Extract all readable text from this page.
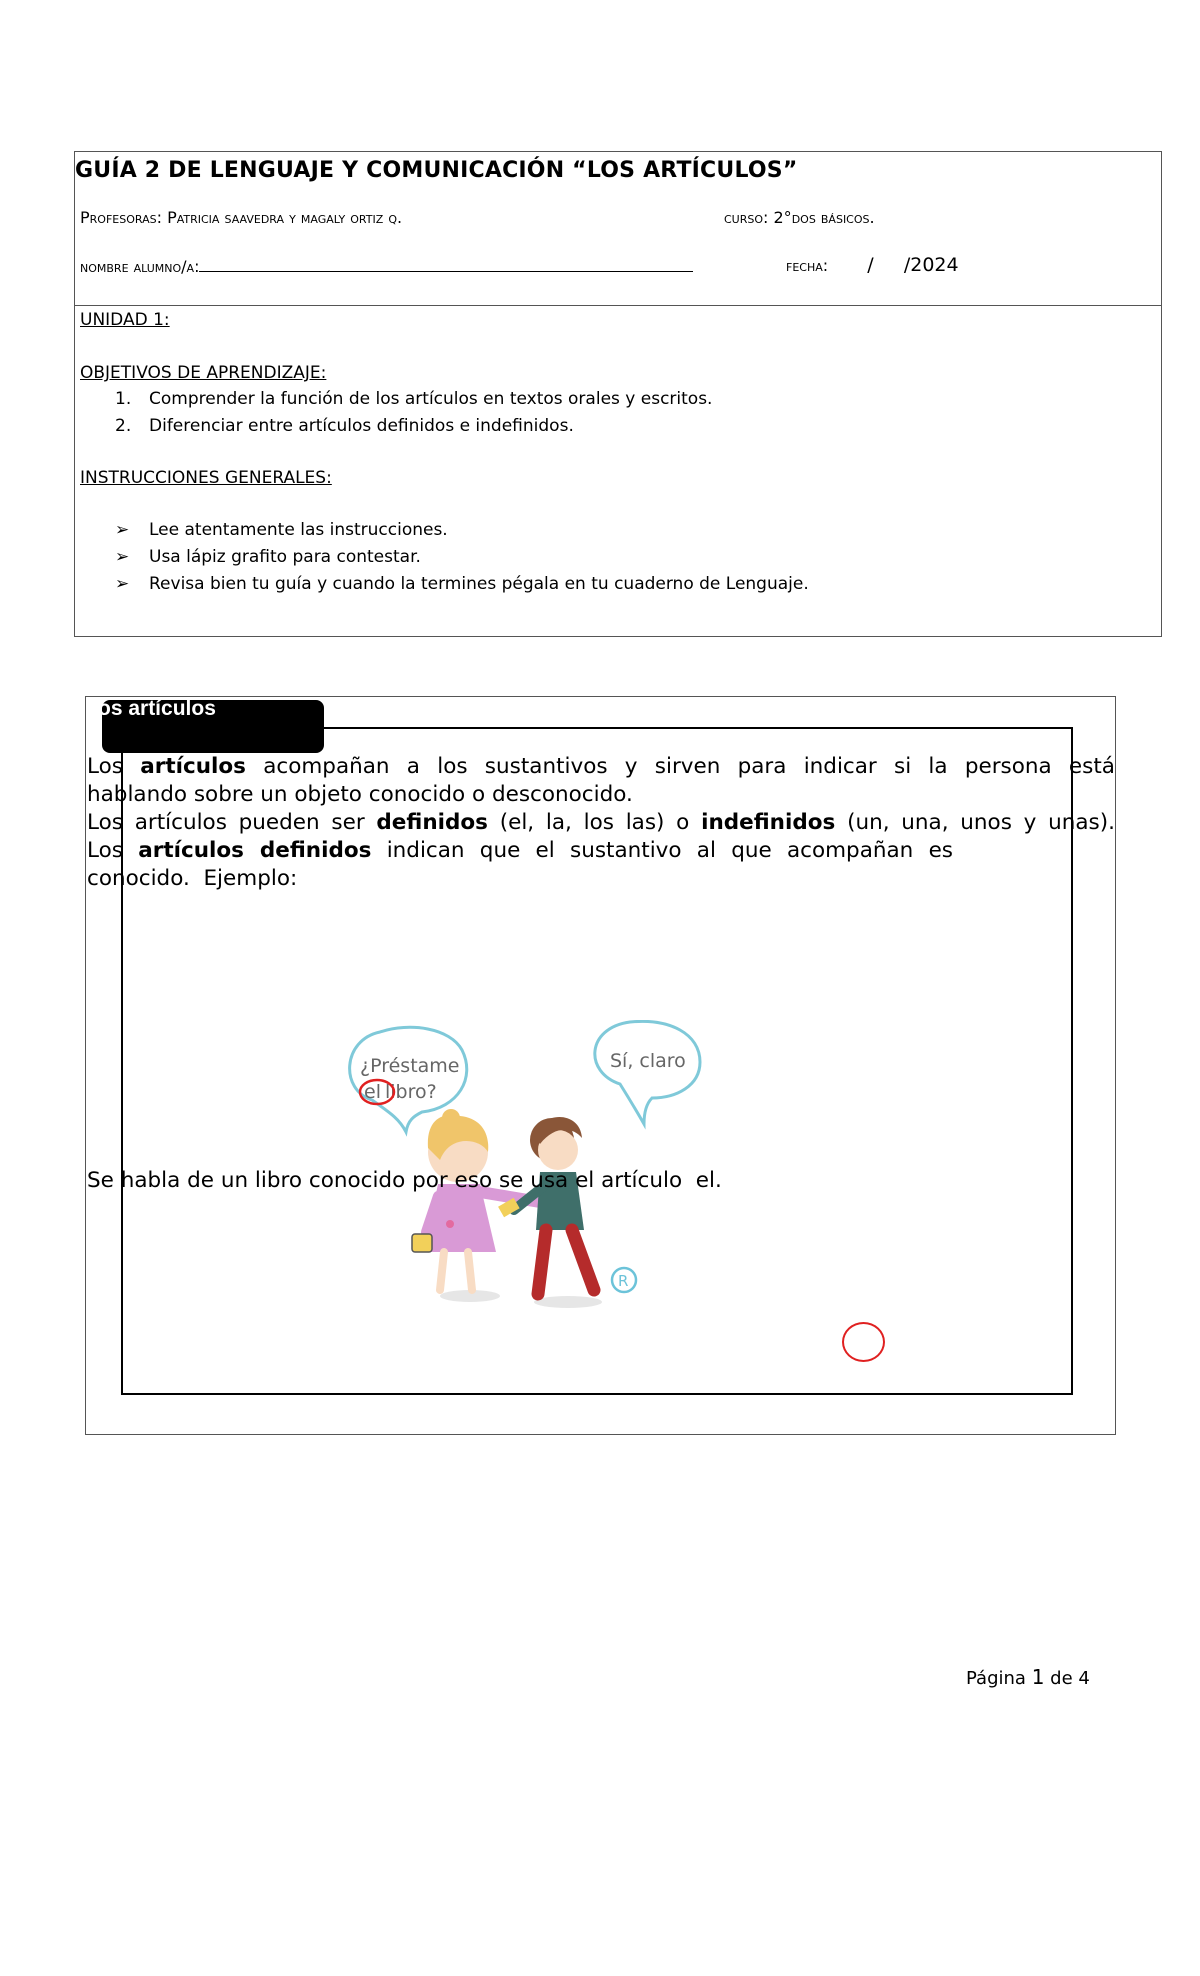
GUÍA 2 DE LENGUAJE Y COMUNICACIÓN “LOS ARTÍCULOS”
Profesoras: Patricia saavedra y magaly ortiz q.	curso: 2°dos básicos.
nombre alumno/a:	fecha: /     /2024
UNIDAD 1:
OBJETIVOS DE APRENDIZAJE:
1.	Comprender la función de los artículos en textos orales y escritos.
2.	Diferenciar entre artículos definidos e indefinidos.
INSTRUCCIONES GENERALES:
➢	Lee atentamente las instrucciones.
➢	Usa lápiz grafito para contestar.
➢	Revisa bien tu guía y cuando la termines pégala en tu cuaderno de Lenguaje.
os artículos
¿Préstame
el libro?
Sí, claro
R
Los artículos acompañan a los sustantivos y sirven para indicar si la persona está
hablando sobre un objeto conocido o desconocido.
Los artículos pueden ser definidos (el, la, los las) o indefinidos (un, una, unos y unas).
Los artículos definidos indican que el sustantivo al que acompañan es
conocido.  Ejemplo:
Se habla de un libro conocido por eso se usa el artículo  el.
Página 1 de 4
